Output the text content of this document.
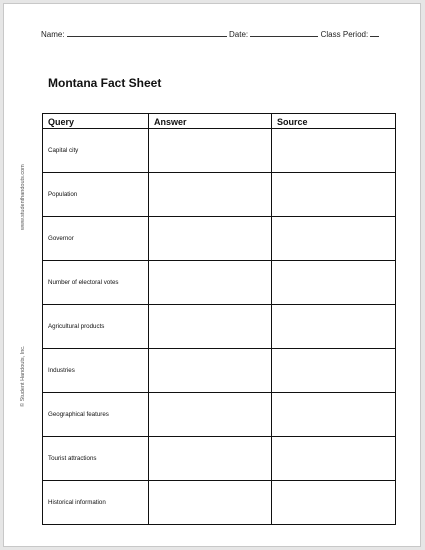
Name:	Date:	Class Period:
Montana Fact Sheet
www.studenthandouts.com
© Student Handouts, Inc.
Query	Answer	Source
Capital city		
Population		
Governor		
Number of electoral votes		
Agricultural products		
Industries		
Geographical features		
Tourist attractions		
Historical information		
